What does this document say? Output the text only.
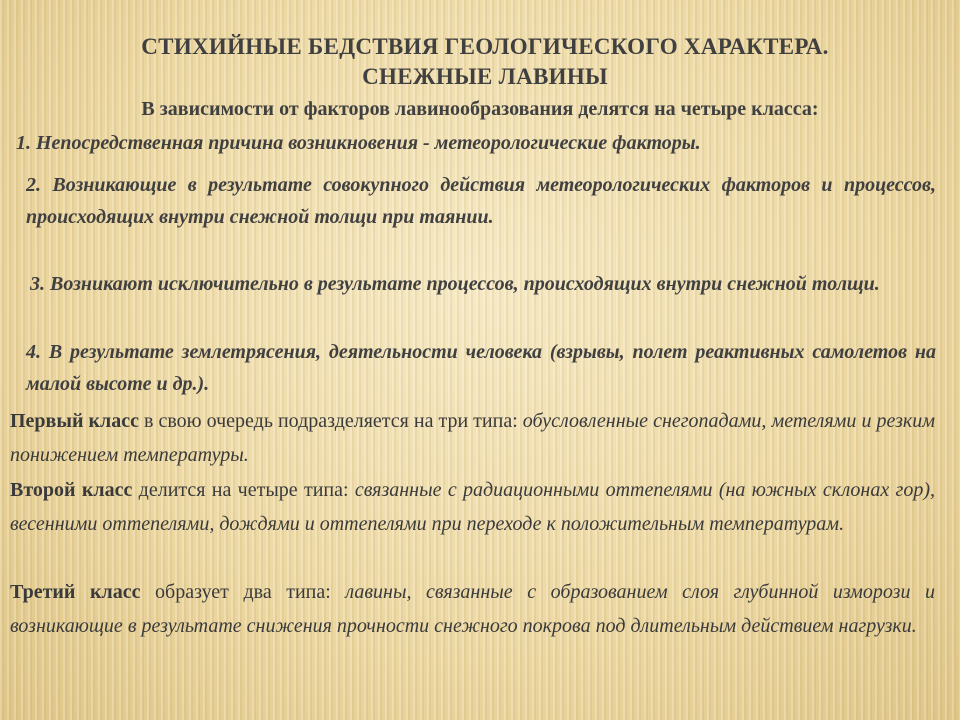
СТИХИЙНЫЕ БЕДСТВИЯ ГЕОЛОГИЧЕСКОГО ХАРАКТЕРА.
СНЕЖНЫЕ ЛАВИНЫ
В зависимости от факторов лавинообразования делятся на четыре класса:
1. Непосредственная причина возникновения - метеорологические факторы.
2. Возникающие в результате совокупного действия метеорологических факторов и процессов, происходящих внутри снежной толщи при таянии.
3. Возникают исключительно в результате процессов, происходящих внутри снежной толщи.
4. В результате землетрясения, деятельности человека (взрывы, полет реактивных самолетов на малой высоте и др.).
Первый класс в свою очередь подразделяется на три типа: обусловленные снегопадами, метелями и резким понижением температуры.
Второй класс делится на четыре типа: связанные с радиационными оттепелями (на южных склонах гор), весенними оттепелями, дождями и оттепелями при переходе к положительным температурам.
Третий класс образует два типа: лавины, связанные с образованием слоя глубинной изморози и возникающие в результате снижения прочности снежного покрова под длительным действием нагрузки.
